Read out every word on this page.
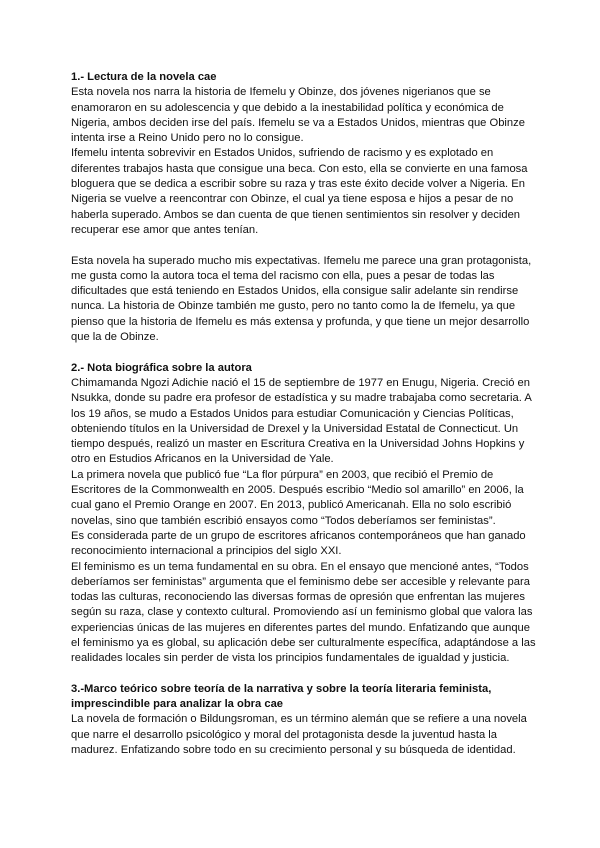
1.- Lectura de la novela cae

Esta novela nos narra la historia de Ifemelu y Obinze, dos jóvenes nigerianos que se enamoraron en su adolescencia y que debido a la inestabilidad política y económica de Nigeria, ambos deciden irse del país. Ifemelu se va a Estados Unidos, mientras que Obinze intenta irse a Reino Unido pero no lo consigue.

Ifemelu intenta sobrevivir en Estados Unidos, sufriendo de racismo y es explotado en diferentes trabajos hasta que consigue una beca. Con esto, ella se convierte en una famosa bloguera que se dedica a escribir sobre su raza y tras este éxito decide volver a Nigeria. En Nigeria se vuelve a reencontrar con Obinze, el cual ya tiene esposa e hijos a pesar de no haberla superado. Ambos se dan cuenta de que tienen sentimientos sin resolver y deciden recuperar ese amor que antes tenían.

Esta novela ha superado mucho mis expectativas. Ifemelu me parece una gran protagonista, me gusta como la autora toca el tema del racismo con ella, pues a pesar de todas las dificultades que está teniendo en Estados Unidos, ella consigue salir adelante sin rendirse nunca. La historia de Obinze también me gusto, pero no tanto como la de Ifemelu, ya que pienso que la historia de Ifemelu es más extensa y profunda, y que tiene un mejor desarrollo que la de Obinze.

2.- Nota biográfica sobre la autora

Chimamanda Ngozi Adichie nació el 15 de septiembre de 1977 en Enugu, Nigeria. Creció en Nsukka, donde su padre era profesor de estadística y su madre trabajaba como secretaria. A los 19 años, se mudo a Estados Unidos para estudiar Comunicación y Ciencias Políticas, obteniendo títulos en la Universidad de Drexel y la Universidad Estatal de Connecticut. Un tiempo después, realizó un master en Escritura Creativa en la Universidad Johns Hopkins y otro en Estudios Africanos en la Universidad de Yale.

La primera novela que publicó fue “La flor púrpura” en 2003, que recibió el Premio de Escritores de la Commonwealth en 2005. Después escribio “Medio sol amarillo” en 2006, la cual gano el Premio Orange en 2007. En 2013, publicó Americanah. Ella no solo escribió novelas, sino que también escribió ensayos como “Todos deberíamos ser feministas”.

Es considerada parte de un grupo de escritores africanos contemporáneos que han ganado reconocimiento internacional a principios del siglo XXI.

El feminismo es un tema fundamental en su obra. En el ensayo que mencioné antes, “Todos deberíamos ser feministas” argumenta que el feminismo debe ser accesible y relevante para todas las culturas, reconociendo las diversas formas de opresión que enfrentan las mujeres según su raza, clase y contexto cultural. Promoviendo así un feminismo global que valora las experiencias únicas de las mujeres en diferentes partes del mundo. Enfatizando que aunque el feminismo ya es global, su aplicación debe ser culturalmente específica, adaptándose a las realidades locales sin perder de vista los principios fundamentales de igualdad y justicia.

3.-Marco teórico sobre teoría de la narrativa y sobre la teoría literaria feminista, imprescindible para analizar la obra cae

La novela de formación o Bildungsroman, es un término alemán que se refiere a una novela que narre el desarrollo psicológico y moral del protagonista desde la juventud hasta la madurez. Enfatizando sobre todo en su crecimiento personal y su búsqueda de identidad.
